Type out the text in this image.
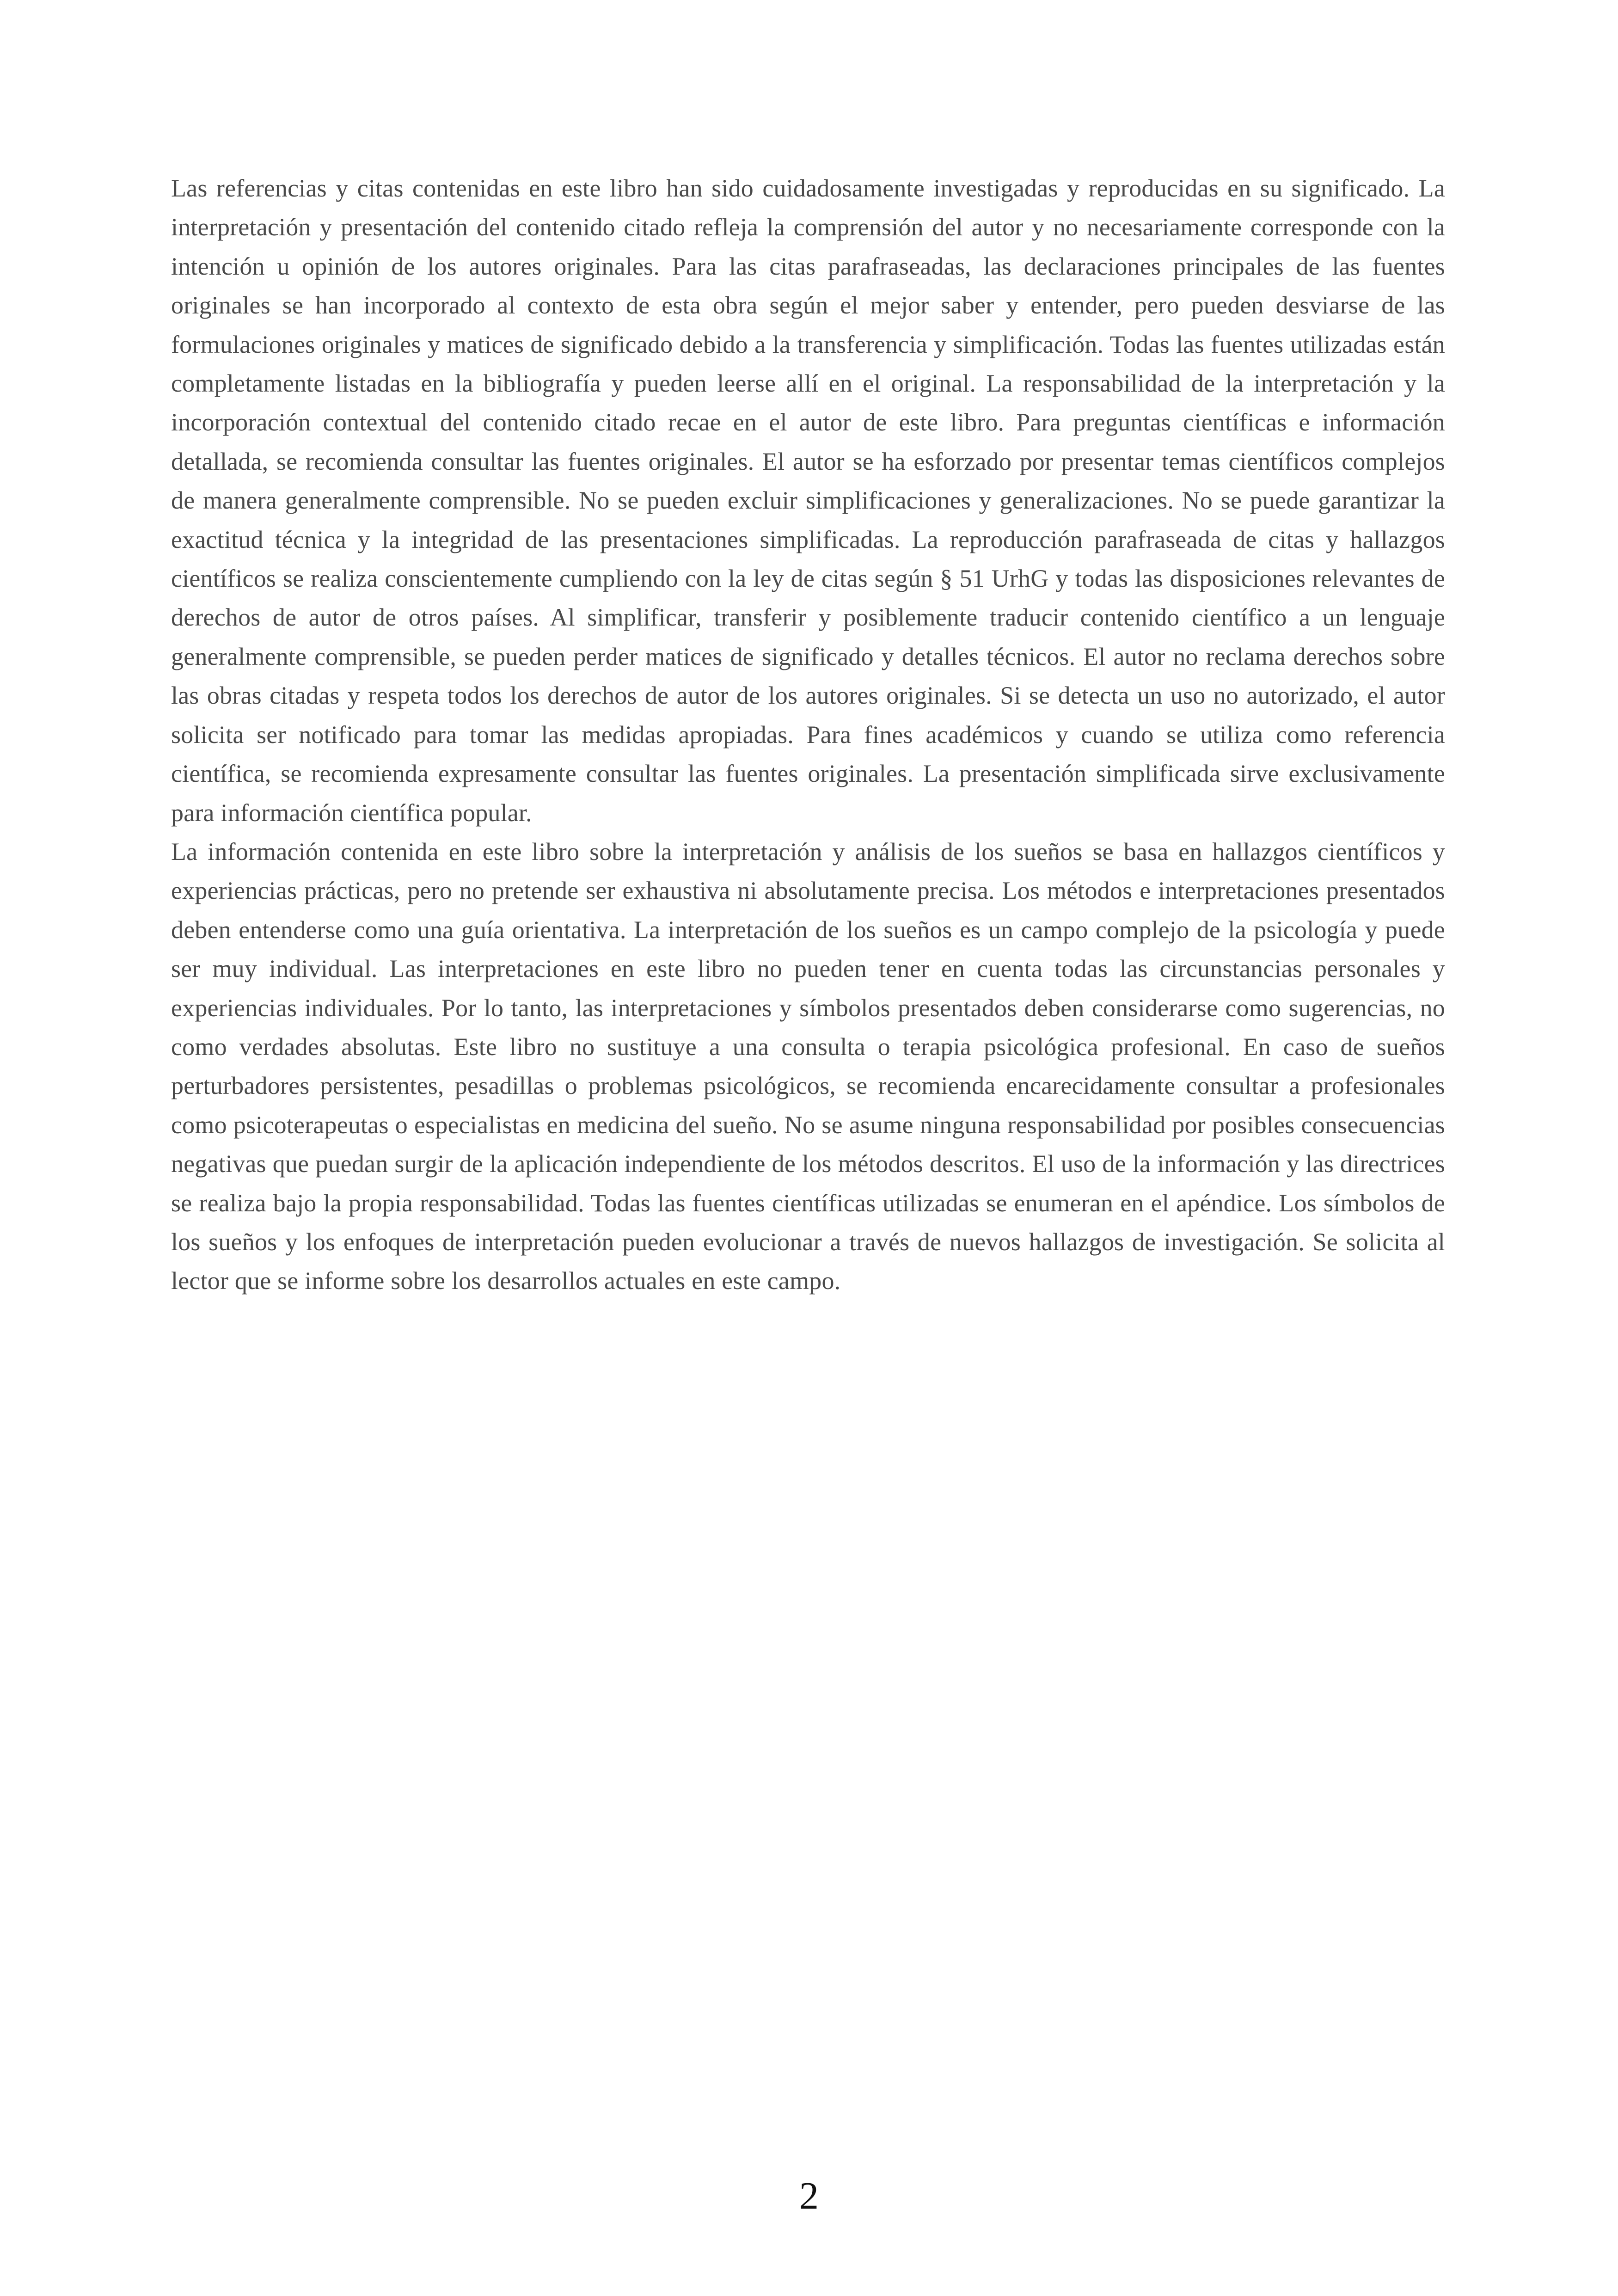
Las referencias y citas contenidas en este libro han sido cuidadosamente investigadas y reproducidas en su significado. La interpretación y presentación del contenido citado refleja la comprensión del autor y no necesariamente corresponde con la intención u opinión de los autores originales. Para las citas parafraseadas, las declaraciones principales de las fuentes originales se han incorporado al contexto de esta obra según el mejor saber y entender, pero pueden desviarse de las formulaciones originales y matices de significado debido a la transferencia y simplificación. Todas las fuentes utilizadas están completamente listadas en la bibliografía y pueden leerse allí en el original. La responsabilidad de la interpretación y la incorporación contextual del contenido citado recae en el autor de este libro. Para preguntas científicas e información detallada, se recomienda consultar las fuentes originales. El autor se ha esforzado por presentar temas científicos complejos de manera generalmente comprensible. No se pueden excluir simplificaciones y generalizaciones. No se puede garantizar la exactitud técnica y la integridad de las presentaciones simplificadas. La reproducción parafraseada de citas y hallazgos científicos se realiza conscientemente cumpliendo con la ley de citas según § 51 UrhG y todas las disposiciones relevantes de derechos de autor de otros países. Al simplificar, transferir y posiblemente traducir contenido científico a un lenguaje generalmente comprensible, se pueden perder matices de significado y detalles técnicos. El autor no reclama derechos sobre las obras citadas y respeta todos los derechos de autor de los autores originales. Si se detecta un uso no autorizado, el autor solicita ser notificado para tomar las medidas apropiadas. Para fines académicos y cuando se utiliza como referencia científica, se recomienda expresamente consultar las fuentes originales. La presentación simplificada sirve exclusivamente para información científica popular.

La información contenida en este libro sobre la interpretación y análisis de los sueños se basa en hallazgos científicos y experiencias prácticas, pero no pretende ser exhaustiva ni absolutamente precisa. Los métodos e interpretaciones presentados deben entenderse como una guía orientativa. La interpretación de los sueños es un campo complejo de la psicología y puede ser muy individual. Las interpretaciones en este libro no pueden tener en cuenta todas las circunstancias personales y experiencias individuales. Por lo tanto, las interpretaciones y símbolos presentados deben considerarse como sugerencias, no como verdades absolutas. Este libro no sustituye a una consulta o terapia psicológica profesional. En caso de sueños perturbadores persistentes, pesadillas o problemas psicológicos, se recomienda encarecidamente consultar a profesionales como psicoterapeutas o especialistas en medicina del sueño. No se asume ninguna responsabilidad por posibles consecuencias negativas que puedan surgir de la aplicación independiente de los métodos descritos. El uso de la información y las directrices se realiza bajo la propia responsabilidad. Todas las fuentes científicas utilizadas se enumeran en el apéndice. Los símbolos de los sueños y los enfoques de interpretación pueden evolucionar a través de nuevos hallazgos de investigación. Se solicita al lector que se informe sobre los desarrollos actuales en este campo.

2
